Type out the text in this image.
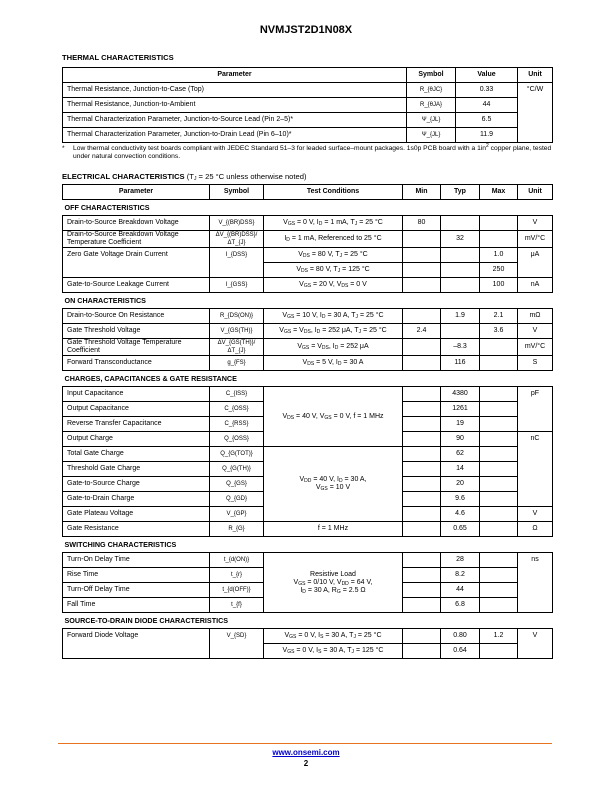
NVMJST2D1N08X
THERMAL CHARACTERISTICS
Parameter	Symbol	Value	Unit
Thermal Resistance, Junction-to-Case (Top)	R_{θJC}	0.33	°C/W
Thermal Resistance, Junction-to-Ambient	R_{θJA}	44	
Thermal Characterization Parameter, Junction-to-Source Lead (Pin 2–5)*	Ψ_{JL}	6.5	
Thermal Characterization Parameter, Junction-to-Drain Lead (Pin 6–10)*	Ψ_{JL}	11.9	
* Low thermal conductivity test boards compliant with JEDEC Standard 51–3 for leaded surface–mount packages. 1s0p PCB board with a $1in^2$ copper plane, tested under natural convection conditions.
ELECTRICAL CHARACTERISTICS ($T_J = 25$ °C unless otherwise noted)
Parameter	Symbol	Test Conditions	Min	Typ	Max	Unit
OFF CHARACTERISTICS						
Drain-to-Source Breakdown Voltage	V_{(BR)DSS}	$V_{GS} = 0$ V, $I_D = 1$ mA, $T_J = 25$ °C	80			V
Drain-to-Source Breakdown Voltage
Temperature Coefficient	ΔV_{(BR)DSS}/
ΔT_{J}	$I_D = 1$ mA, Referenced to 25 °C		32		mV/°C
Zero Gate Voltage Drain Current	I_{DSS}	$V_{DS} = 80$ V, $T_J = 25$ °C			1.0	μA
		$V_{DS} = 80$ V, $T_J = 125$ °C			250	
Gate-to-Source Leakage Current	I_{GSS}	$V_{GS} = 20$ V, $V_{DS} = 0$ V			100	nA
ON CHARACTERISTICS						
Drain-to-Source On Resistance	R_{DS(ON)}	$V_{GS} = 10$ V, $I_D = 30$ A, $T_J = 25$ °C		1.9	2.1	mΩ
Gate Threshold Voltage	V_{GS(TH)}	$V_{GS} = V_{DS}$, $I_D = 252$ μA, $T_J = 25$ °C	2.4		3.6	V
Gate Threshold Voltage Temperature
Coefficient	ΔV_{GS(TH)}/ΔT_{J}	$V_{GS} = V_{DS}$, $I_D = 252$ μA		–8.3		mV/°C
Forward Transconductance	g_{FS}	$V_{DS} = 5$ V, $I_D = 30$ A		116		S
CHARGES, CAPACITANCES & GATE RESISTANCE						
Input Capacitance	C_{ISS}	$V_{DS} = 40$ V, $V_{GS} = 0$ V, f = 1 MHz		4380		pF
Output Capacitance	C_{OSS}			1261		
Reverse Transfer Capacitance	C_{RSS}			19		
Output Charge	Q_{OSS}			90		nC
Total Gate Charge	Q_{G(TOT)}	$V_{DD} = 40$ V, $I_D = 30$ A,
$V_{GS} = 10$ V		62		
Threshold Gate Charge	Q_{G(TH)}			14		
Gate-to-Source Charge	Q_{GS}			20		
Gate-to-Drain Charge	Q_{GD}			9.6		
Gate Plateau Voltage	V_{GP}			4.6		V
Gate Resistance	R_{G}	f = 1 MHz		0.65		Ω
SWITCHING CHARACTERISTICS						
Turn-On Delay Time	t_{d(ON)}	Resistive Load
$V_{GS} = 0/10$ V, $V_{DD} = 64$ V,
$I_D = 30$ A, $R_G = 2.5$ Ω		28		ns
Rise Time	t_{r}			8.2		
Turn-Off Delay Time	t_{d(OFF)}			44		
Fall Time	t_{f}			6.8		
SOURCE-TO-DRAIN DIODE CHARACTERISTICS						
Forward Diode Voltage	V_{SD}	$V_{GS} = 0$ V, $I_S = 30$ A, $T_J = 25$ °C		0.80	1.2	V
		$V_{GS} = 0$ V, $I_S = 30$ A, $T_J = 125$ °C		0.64		
www.onsemi.com
2
